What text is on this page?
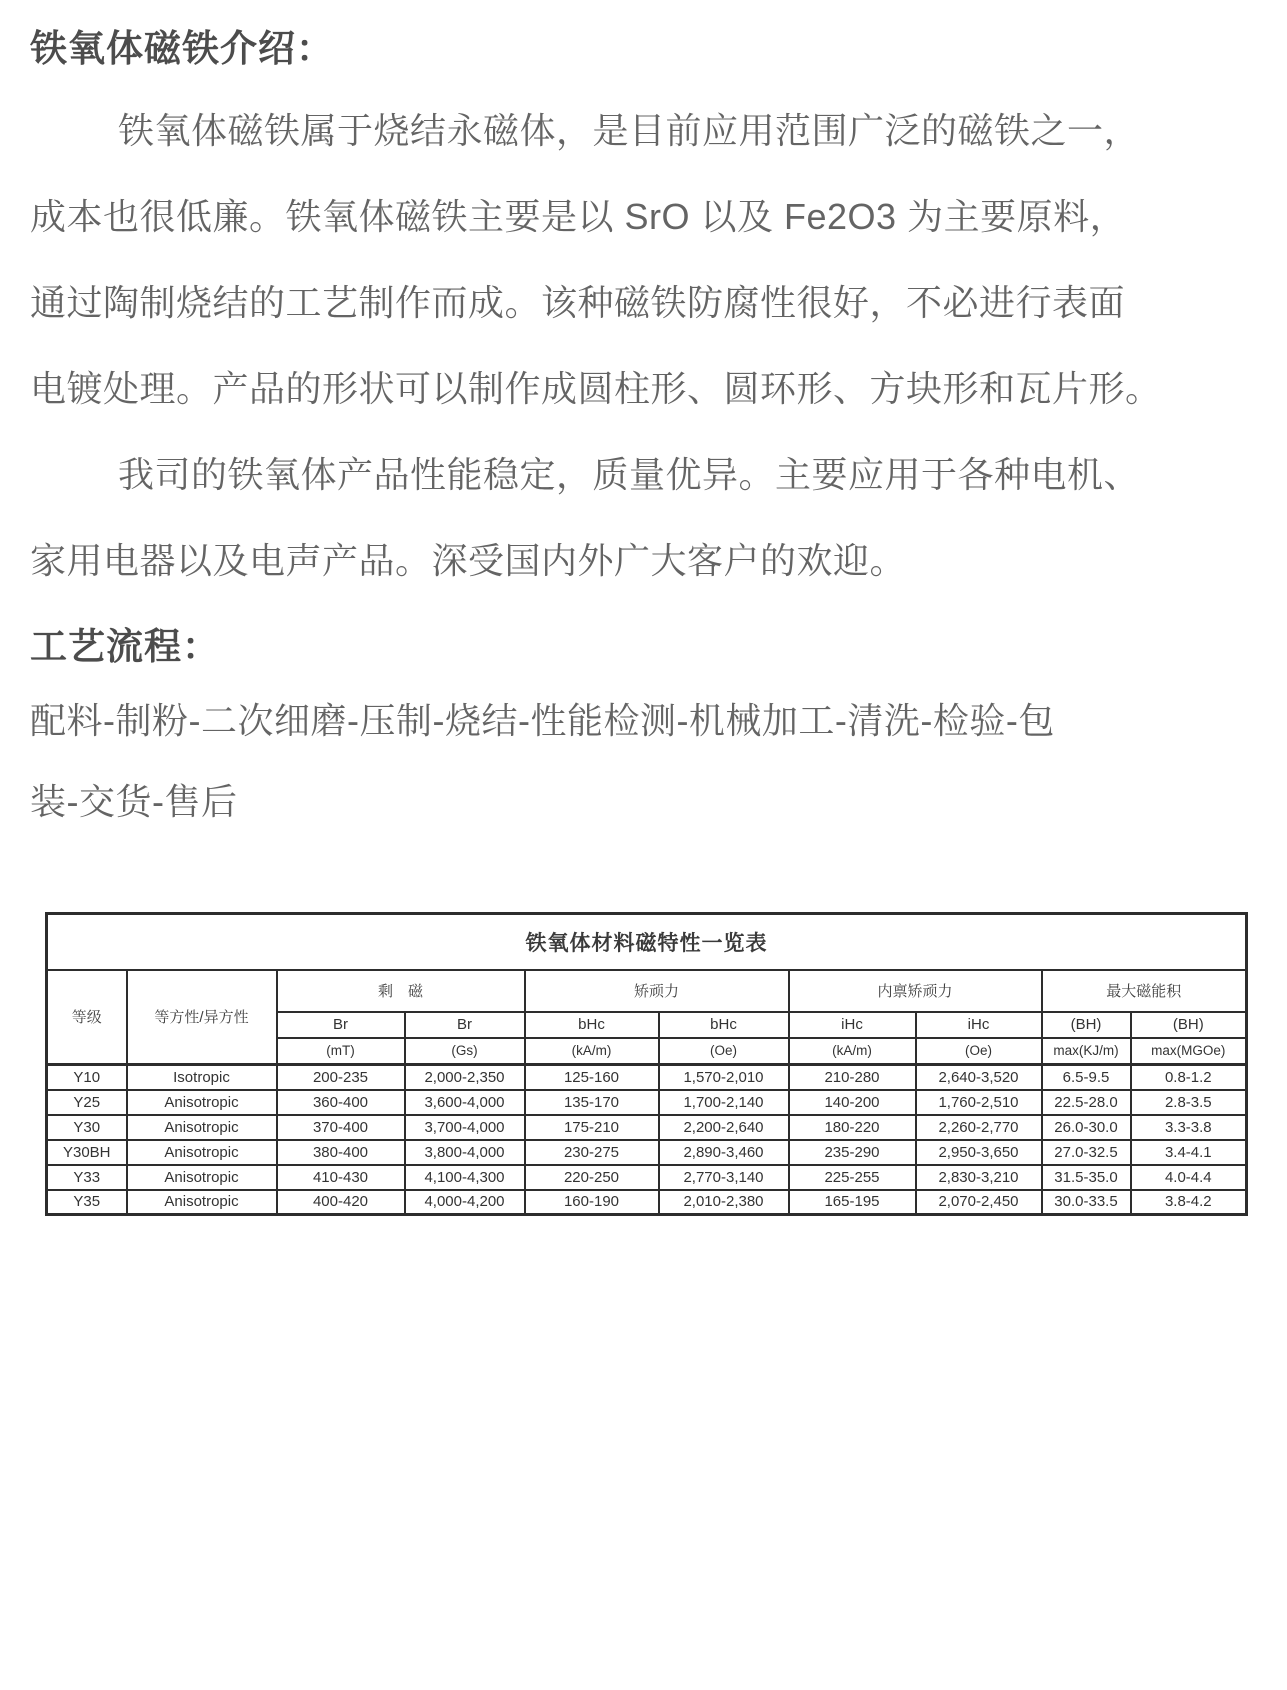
铁氧体磁铁介绍：
铁氧体磁铁属于烧结永磁体，是目前应用范围广泛的磁铁之一，
成本也很低廉。铁氧体磁铁主要是以 SrO 以及 Fe2O3 为主要原料，
通过陶制烧结的工艺制作而成。该种磁铁防腐性很好，不必进行表面
电镀处理。产品的形状可以制作成圆柱形、圆环形、方块形和瓦片形。
我司的铁氧体产品性能稳定，质量优异。主要应用于各种电机、
家用电器以及电声产品。深受国内外广大客户的欢迎。
工艺流程：
配料-制粉-二次细磨-压制-烧结-性能检测-机械加工-清洗-检验-包
装-交货-售后
铁氧体材料磁特性一览表									
等级	等方性/异方性	剩　磁		矫顽力		内禀矫顽力		最大磁能积	
		Br	Br	bHc	bHc	iHc	iHc	(BH)	(BH)
		(mT)	(Gs)	(kA/m)	(Oe)	(kA/m)	(Oe)	max(KJ/m)	max(MGOe)
Y10	Isotropic	200-235	2,000-2,350	125-160	1,570-2,010	210-280	2,640-3,520	6.5-9.5	0.8-1.2
Y25	Anisotropic	360-400	3,600-4,000	135-170	1,700-2,140	140-200	1,760-2,510	22.5-28.0	2.8-3.5
Y30	Anisotropic	370-400	3,700-4,000	175-210	2,200-2,640	180-220	2,260-2,770	26.0-30.0	3.3-3.8
Y30BH	Anisotropic	380-400	3,800-4,000	230-275	2,890-3,460	235-290	2,950-3,650	27.0-32.5	3.4-4.1
Y33	Anisotropic	410-430	4,100-4,300	220-250	2,770-3,140	225-255	2,830-3,210	31.5-35.0	4.0-4.4
Y35	Anisotropic	400-420	4,000-4,200	160-190	2,010-2,380	165-195	2,070-2,450	30.0-33.5	3.8-4.2
